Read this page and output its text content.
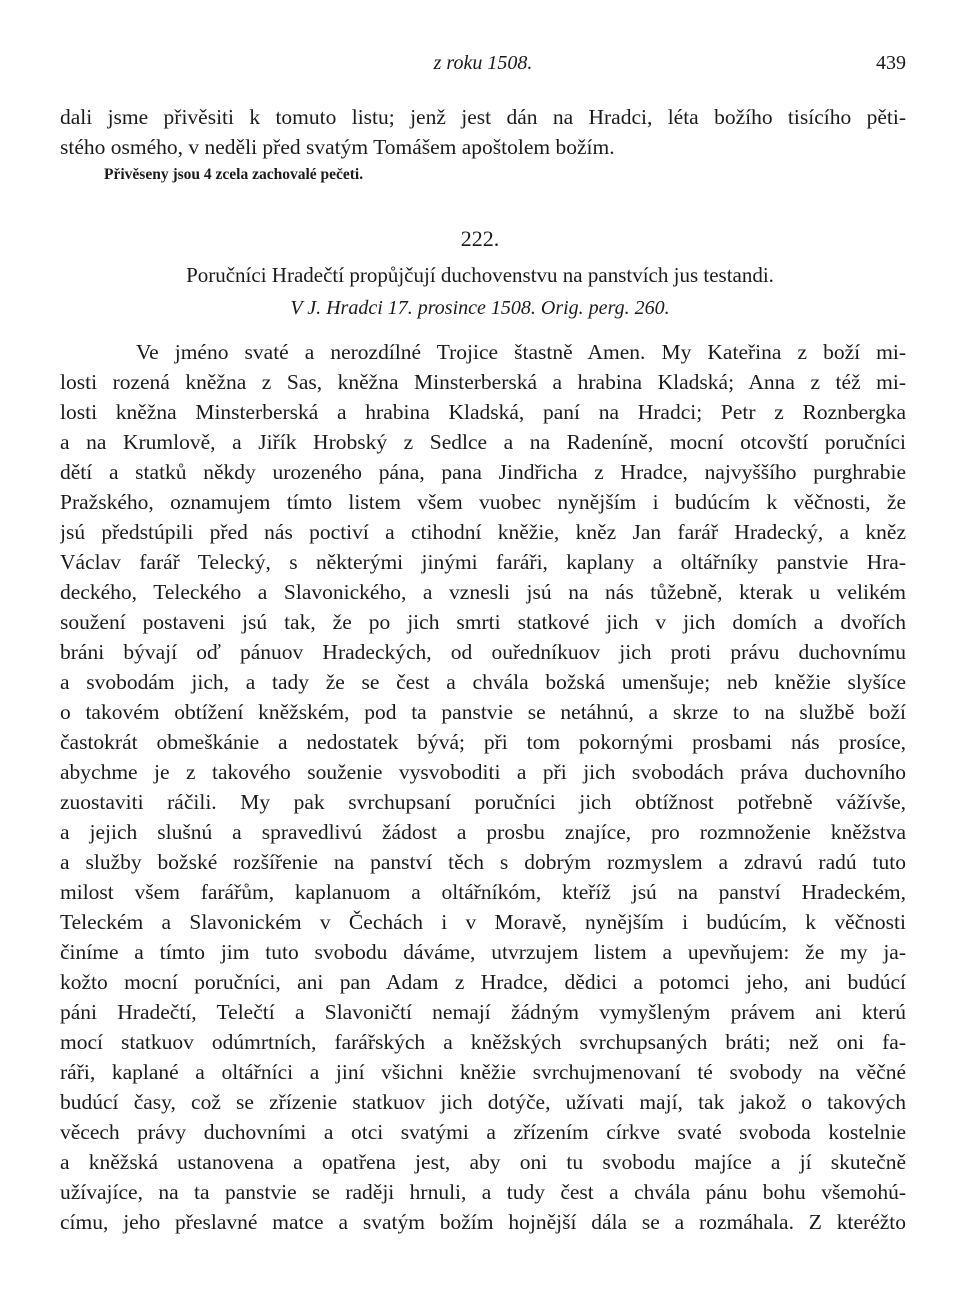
z roku 1508.	439
dali jsme přivěsiti k tomuto listu; jenž jest dán na Hradci, léta božího tisícího pěti-
stého osmého, v neděli před svatým Tomášem apoštolem božím.
Přivěseny jsou 4 zcela zachovalé pečeti.
222.
Poručníci Hradečtí propůjčují duchovenstvu na panstvích jus testandi.
V J. Hradci 17. prosince 1508. Orig. perg. 260.
Ve jméno svaté a nerozdílné Trojice štastně Amen. My Kateřina z boží mi-
losti rozená kněžna z Sas, kněžna Minsterberská a hrabina Kladská; Anna z též mi-
losti kněžna Minsterberská a hrabina Kladská, paní na Hradci; Petr z Roznbergka
a na Krumlově, a Jiřík Hrobský z Sedlce a na Radeníně, mocní otcovští poručníci
dětí a statků někdy urozeného pána, pana Jindřicha z Hradce, najvyššího purghrabie
Pražského, oznamujem tímto listem všem vuobec nynějším i budúcím k věčnosti, že
jsú předstúpili před nás poctiví a ctihodní kněžie, kněz Jan farář Hradecký, a kněz
Václav farář Telecký, s některými jinými faráři, kaplany a oltářníky panstvie Hra-
deckého, Teleckého a Slavonického, a vznesli jsú na nás tůžebně, kterak u velikém
soužení postaveni jsú tak, že po jich smrti statkové jich v jich domích a dvořích
bráni bývají oď pánuov Hradeckých, od ouředníkuov jich proti právu duchovnímu
a svobodám jich, a tady že se čest a chvála božská umenšuje; neb kněžie slyšíce
o takovém obtížení kněžském, pod ta panstvie se netáhnú, a skrze to na službě boží
častokrát obmeškánie a nedostatek bývá; při tom pokornými prosbami nás prosíce,
abychme je z takového souženie vysvoboditi a při jich svobodách práva duchovního
zuostaviti ráčili. My pak svrchupsaní poručníci jich obtížnost potřebně vážívše,
a jejich slušnú a spravedlivú žádost a prosbu znajíce, pro rozmnoženie kněžstva
a služby božské rozšířenie na panství těch s dobrým rozmyslem a zdravú radú tuto
milost všem farářům, kaplanuom a oltářníkóm, kteříž jsú na panství Hradeckém,
Teleckém a Slavonickém v Čechách i v Moravě, nynějším i budúcím, k věčnosti
činíme a tímto jim tuto svobodu dáváme, utvrzujem listem a upevňujem: že my ja-
kožto mocní poručníci, ani pan Adam z Hradce, dědici a potomci jeho, ani budúcí
páni Hradečtí, Telečtí a Slavoničtí nemají žádným vymyšleným právem ani kterú
mocí statkuov odúmrtních, farářských a kněžských svrchupsaných bráti; než oni fa-
ráři, kaplané a oltářníci a jiní všichni kněžie svrchujmenovaní té svobody na věčné
budúcí časy, což se zřízenie statkuov jich dotýče, užívati mají, tak jakož o takových
věcech právy duchovními a otci svatými a zřízením církve svaté svoboda kostelnie
a kněžská ustanovena a opatřena jest, aby oni tu svobodu majíce a jí skutečně
užívajíce, na ta panstvie se raději hrnuli, a tudy čest a chvála pánu bohu všemohú-
címu, jeho přeslavné matce a svatým božím hojnější dála se a rozmáhala. Z kteréžto
